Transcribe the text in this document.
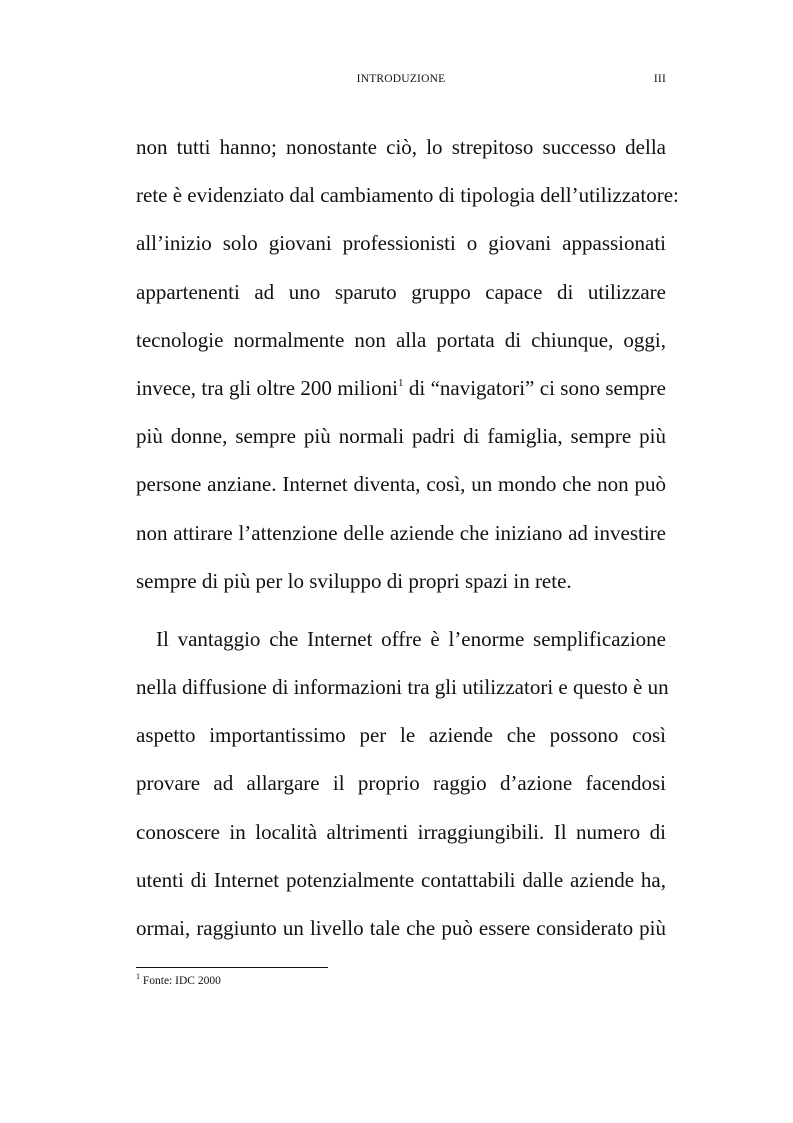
INTRODUZIONE	III
non tutti hanno; nonostante ciò, lo strepitoso successo della
rete è evidenziato dal cambiamento di tipologia dell’utilizzatore:
all’inizio solo giovani professionisti o giovani appassionati
appartenenti ad uno sparuto gruppo capace di utilizzare
tecnologie normalmente non alla portata di chiunque, oggi,
invece, tra gli oltre 200 milioni$^1$ di “navigatori” ci sono sempre
più donne, sempre più normali padri di famiglia, sempre più
persone anziane. Internet diventa, così, un mondo che non può
non attirare l’attenzione delle aziende che iniziano ad investire
sempre di più per lo sviluppo di propri spazi in rete.
Il vantaggio che Internet offre è l’enorme semplificazione
nella diffusione di informazioni tra gli utilizzatori e questo è un
aspetto importantissimo per le aziende che possono così
provare ad allargare il proprio raggio d’azione facendosi
conoscere in località altrimenti irraggiungibili. Il numero di
utenti di Internet potenzialmente contattabili dalle aziende ha,
ormai, raggiunto un livello tale che può essere considerato più
$^1$ Fonte: IDC 2000
